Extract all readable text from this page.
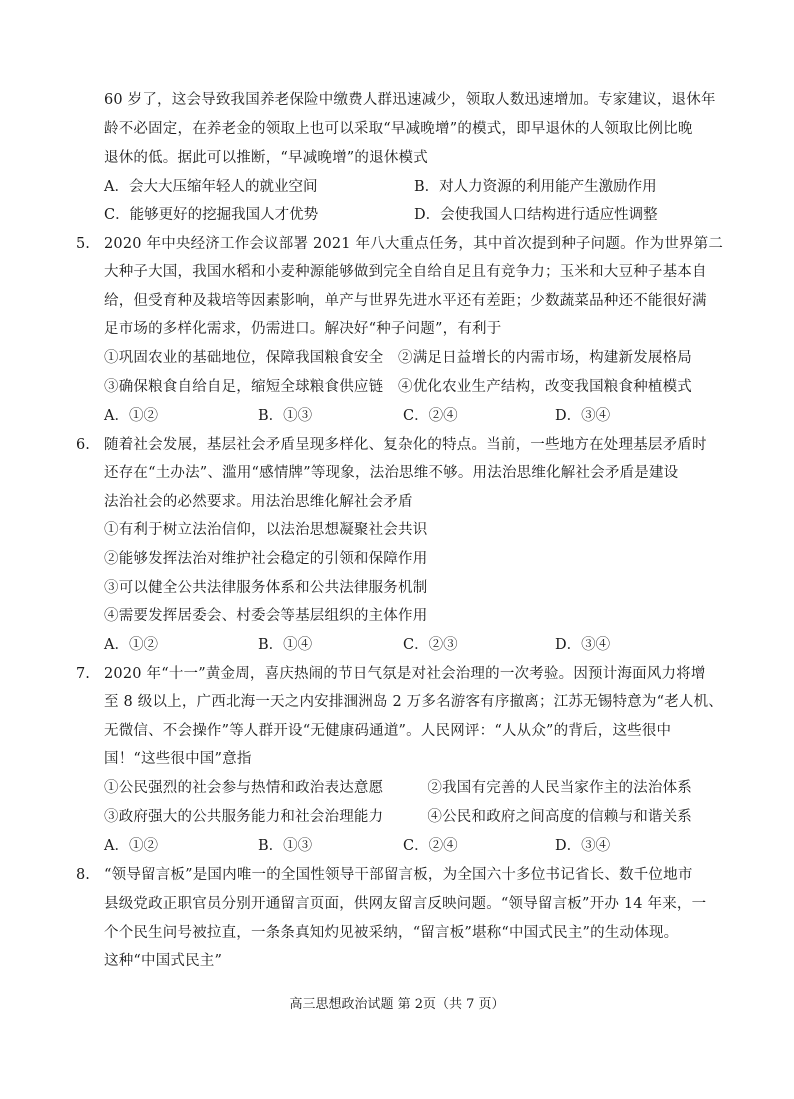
60 岁了，这会导致我国养老保险中缴费人群迅速减少，领取人数迅速增加。专家建议，退休年
龄不必固定，在养老金的领取上也可以采取“早减晚增”的模式，即早退休的人领取比例比晚
退休的低。据此可以推断，“早减晚增”的退休模式
A．会大大压缩年轻人的就业空间	B．对人力资源的利用能产生激励作用
C．能够更好的挖掘我国人才优势	D．会使我国人口结构进行适应性调整
5. 2020 年中央经济工作会议部署 2021 年八大重点任务，其中首次提到种子问题。作为世界第二
大种子大国，我国水稻和小麦种源能够做到完全自给自足且有竞争力；玉米和大豆种子基本自
给，但受育种及栽培等因素影响，单产与世界先进水平还有差距；少数蔬菜品种还不能很好满
足市场的多样化需求，仍需进口。解决好“种子问题”，有利于
①巩固农业的基础地位，保障我国粮食安全　②满足日益增长的内需市场，构建新发展格局
③确保粮食自给自足，缩短全球粮食供应链　④优化农业生产结构，改变我国粮食种植模式
A．①②	B．①③	C．②④	D．③④
6. 随着社会发展，基层社会矛盾呈现多样化、复杂化的特点。当前，一些地方在处理基层矛盾时
还存在“土办法”、滥用“感情牌”等现象，法治思维不够。用法治思维化解社会矛盾是建设
法治社会的必然要求。用法治思维化解社会矛盾
①有利于树立法治信仰，以法治思想凝聚社会共识
②能够发挥法治对维护社会稳定的引领和保障作用
③可以健全公共法律服务体系和公共法律服务机制
④需要发挥居委会、村委会等基层组织的主体作用
A．①②	B．①④	C．②③	D．③④
7. 2020 年“十一”黄金周，喜庆热闹的节日气氛是对社会治理的一次考验。因预计海面风力将增
至 8 级以上，广西北海一天之内安排涠洲岛 2 万多名游客有序撤离；江苏无锡特意为“老人机、
无微信、不会操作”等人群开设“无健康码通道”。人民网评：“人从众”的背后，这些很中
国！“这些很中国”意指
①公民强烈的社会参与热情和政治表达意愿　　　②我国有完善的人民当家作主的法治体系
③政府强大的公共服务能力和社会治理能力　　　④公民和政府之间高度的信赖与和谐关系
A．①②	B．①③	C．②④	D．③④
8. “领导留言板”是国内唯一的全国性领导干部留言板，为全国六十多位书记省长、数千位地市
县级党政正职官员分别开通留言页面，供网友留言反映问题。“领导留言板”开办 14 年来，一
个个民生问号被拉直，一条条真知灼见被采纳，“留言板”堪称“中国式民主”的生动体现。
这种“中国式民主”
高三思想政治试题 第 2页（共 7 页）
